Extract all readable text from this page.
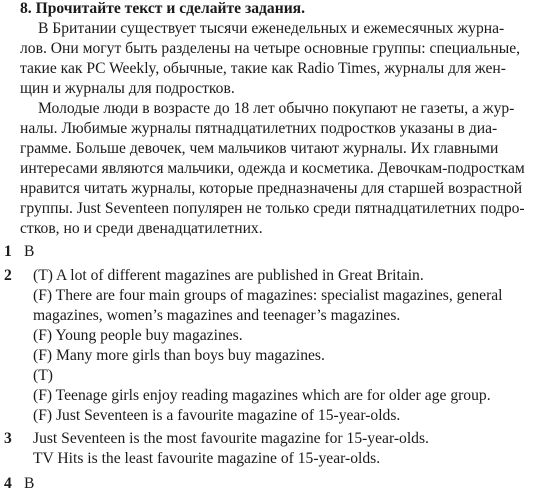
8. Прочитайте текст и сделайте задания.
В Британии существует тысячи еженедельных и ежемесячных журна-
лов. Они могут быть разделены на четыре основные группы: специальные,
такие как PC Weekly, обычные, такие как Radio Times, журналы для жен-
щин и журналы для подростков.
Молодые люди в возрасте до 18 лет обычно покупают не газеты, а жур-
налы. Любимые журналы пятнадцатилетних подростков указаны в диа-
грамме. Больше девочек, чем мальчиков читают журналы. Их главными
интересами являются мальчики, одежда и косметика. Девочкам-подросткам
нравится читать журналы, которые предназначены для старшей возрастной
группы. Just Seventeen популярен не только среди пятнадцатилетних подро-
стков, но и среди двенадцатилетних.
1 B
2 (T) A lot of different magazines are published in Great Britain.
(F) There are four main groups of magazines: specialist magazines, general
magazines, women’s magazines and teenager’s magazines.
(F) Young people buy magazines.
(F) Many more girls than boys buy magazines.
(T)
(F) Teenage girls enjoy reading magazines which are for older age group.
(F) Just Seventeen is a favourite magazine of 15-year-olds.
3 Just Seventeen is the most favourite magazine for 15-year-olds.
TV Hits is the least favourite magazine of 15-year-olds.
4 B
